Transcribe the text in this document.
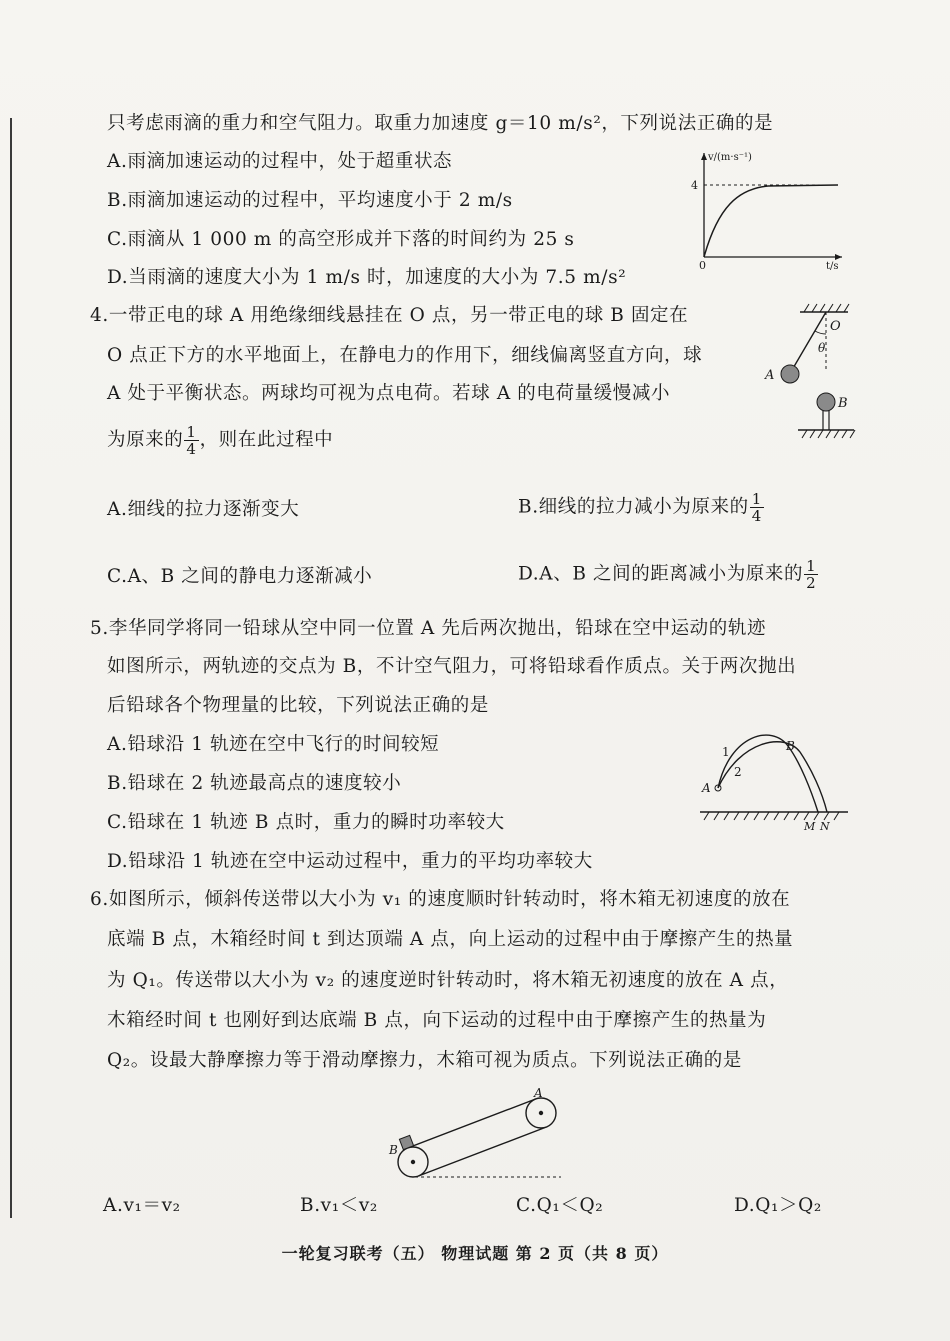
只考虑雨滴的重力和空气阻力。取重力加速度 g＝10 m/s²，下列说法正确的是
A.雨滴加速运动的过程中，处于超重状态
B.雨滴加速运动的过程中，平均速度小于 2 m/s
C.雨滴从 1 000 m 的高空形成并下落的时间约为 25 s
D.当雨滴的速度大小为 1 m/s 时，加速度的大小为 7.5 m/s²
v/(m·s⁻¹)
4
0	t/s
4.一带正电的球 A 用绝缘细线悬挂在 O 点，另一带正电的球 B 固定在
O 点正下方的水平地面上，在静电力的作用下，细线偏离竖直方向，球
A 处于平衡状态。两球均可视为点电荷。若球 A 的电荷量缓慢减小
为原来的 $\frac{1}{4}$ ，则在此过程中
A.细线的拉力逐渐变大	B.细线的拉力减小为原来的 $\frac{1}{4}$
C.A、B 之间的静电力逐渐减小	D.A、B 之间的距离减小为原来的 $\frac{1}{2}$
O
θ
A
B
5.李华同学将同一铅球从空中同一位置 A 先后两次抛出，铅球在空中运动的轨迹
如图所示，两轨迹的交点为 B，不计空气阻力，可将铅球看作质点。关于两次抛出
后铅球各个物理量的比较，下列说法正确的是
A.铅球沿 1 轨迹在空中飞行的时间较短
B.铅球在 2 轨迹最高点的速度较小
C.铅球在 1 轨迹 B 点时，重力的瞬时功率较大
D.铅球沿 1 轨迹在空中运动过程中，重力的平均功率较大
1
2
A
B
M N
6.如图所示，倾斜传送带以大小为 v₁ 的速度顺时针转动时，将木箱无初速度的放在
底端 B 点，木箱经时间 t 到达顶端 A 点，向上运动的过程中由于摩擦产生的热量
为 Q₁。传送带以大小为 v₂ 的速度逆时针转动时，将木箱无初速度的放在 A 点，
木箱经时间 t 也刚好到达底端 B 点，向下运动的过程中由于摩擦产生的热量为
Q₂。设最大静摩擦力等于滑动摩擦力，木箱可视为质点。下列说法正确的是
A
B
A.v₁＝v₂	B.v₁＜v₂	C.Q₁＜Q₂	D.Q₁＞Q₂
一轮复习联考（五） 物理试题 第 2 页（共 8 页）
